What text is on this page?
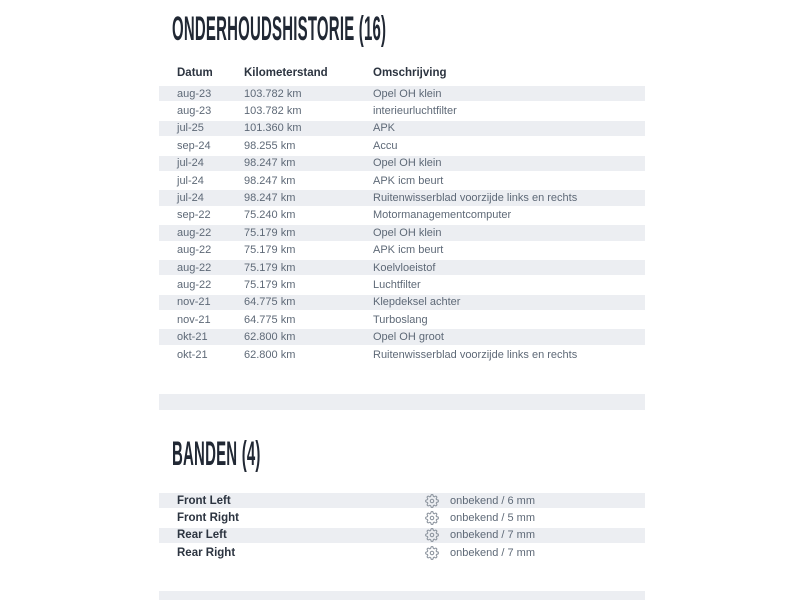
ONDERHOUDSHISTORIE (16)
Datum	Kilometerstand	Omschrijving
aug-23	103.782 km	Opel OH klein
aug-23	103.782 km	interieurluchtfilter
jul-25	101.360 km	APK
sep-24	98.255 km	Accu
jul-24	98.247 km	Opel OH klein
jul-24	98.247 km	APK icm beurt
jul-24	98.247 km	Ruitenwisserblad voorzijde links en rechts
sep-22	75.240 km	Motormanagementcomputer
aug-22	75.179 km	Opel OH klein
aug-22	75.179 km	APK icm beurt
aug-22	75.179 km	Koelvloeistof
aug-22	75.179 km	Luchtfilter
nov-21	64.775 km	Klepdeksel achter
nov-21	64.775 km	Turboslang
okt-21	62.800 km	Opel OH groot
okt-21	62.800 km	Ruitenwisserblad voorzijde links en rechts
BANDEN (4)
Front Left	onbekend / 6 mm
Front Right	onbekend / 5 mm
Rear Left	onbekend / 7 mm
Rear Right	onbekend / 7 mm
